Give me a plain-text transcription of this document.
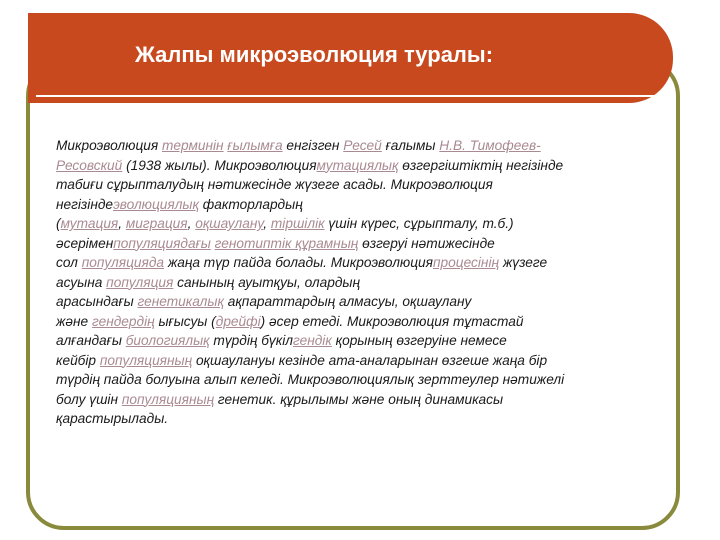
Жалпы микроэволюция туралы:
Микроэволюция терминін ғылымға енгізген Ресей ғалымы Н.В. Тимофеев-
Ресовский (1938 жылы). Микроэволюциямутациялық өзгергіштіктің негізінде
табиғи сұрыпталудың нәтижесінде жүзеге асады. Микроэволюция
негізіндеэволюциялық факторлардың
(мутация, миграция, оқшаулану, тіршілік үшін күрес, сұрыпталу, т.б.)
әсеріменпопуляциядағы генотиптік құрамның өзгеруі нәтижесінде
сол популяцияда жаңа түр пайда болады. Микроэволюцияпроцесінің жүзеге
асуына популяция санының ауытқуы, олардың
арасындағы генетикалық ақпараттардың алмасуы, оқшаулану
және гендердің ығысуы (дрейфі) әсер етеді. Микроэволюция тұтастай
алғандағы биологиялық түрдің бүкілгендік қорының өзгеруіне немесе
кейбір популяцияның оқшаулануы кезінде ата-аналарынан өзгеше жаңа бір
түрдің пайда болуына алып келеді. Микроэволюциялық зерттеулер нәтижелі
болу үшін популяцияның генетик. құрылымы және оның динамикасы
қарастырылады.
